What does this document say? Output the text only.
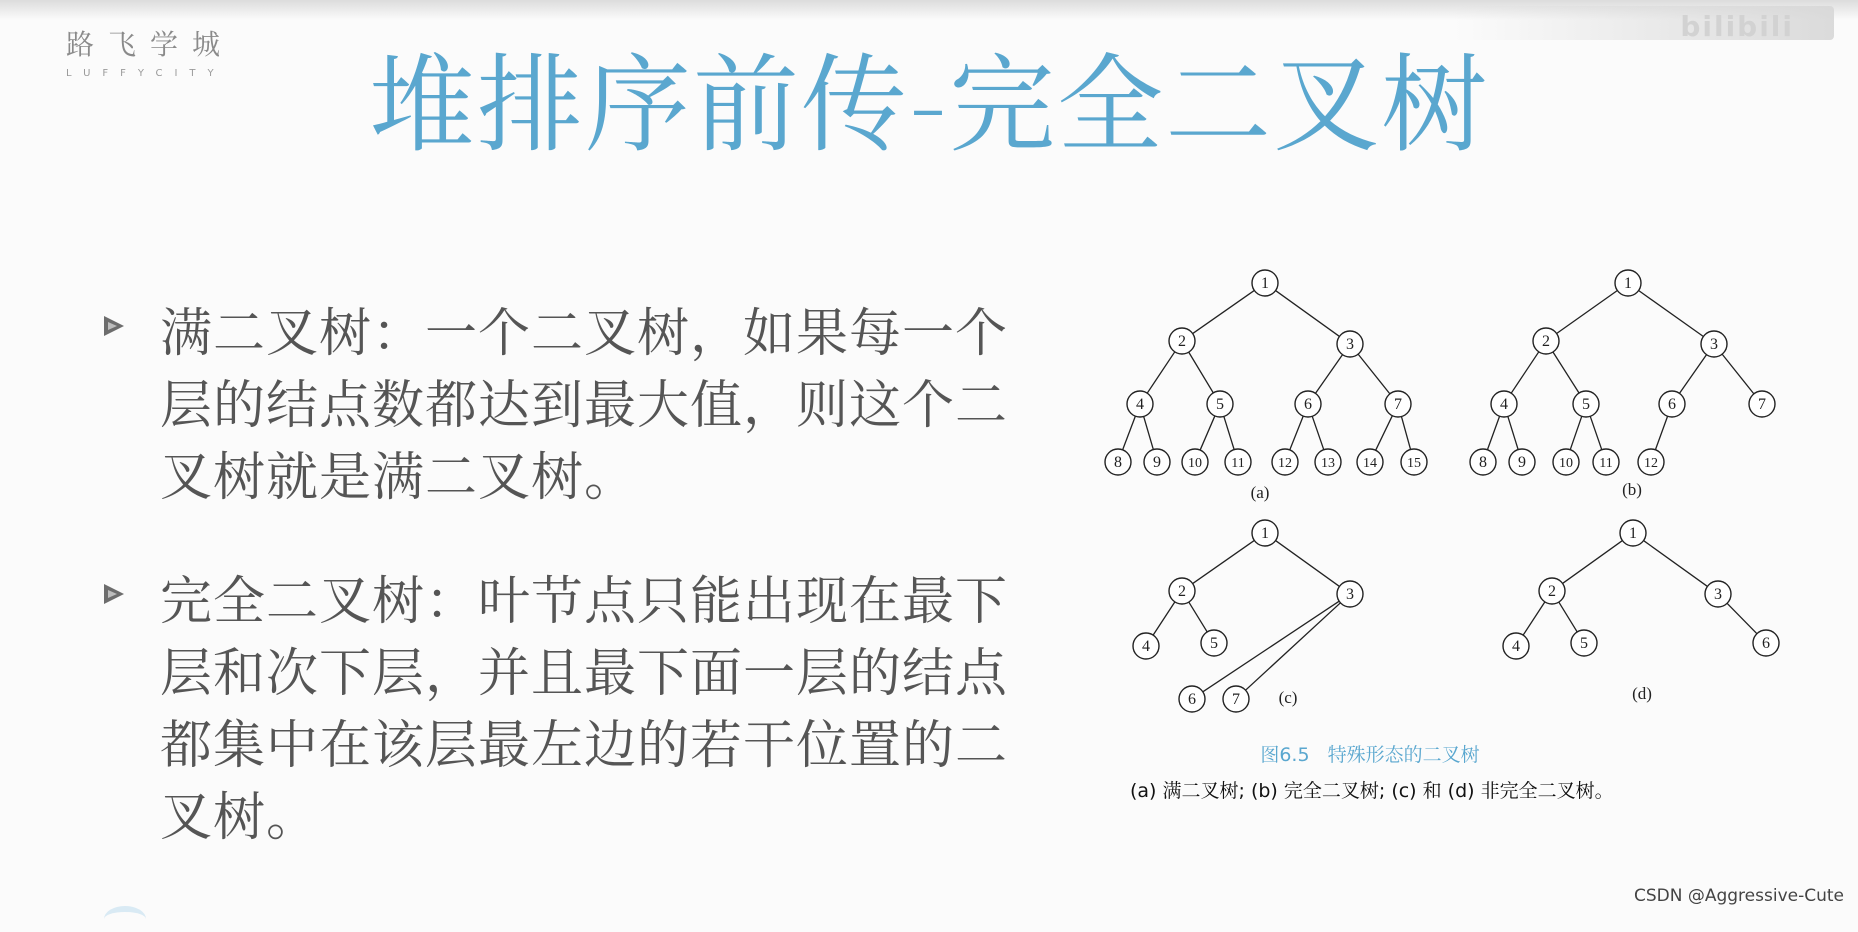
路飞学城
LUFFYCITY
bilibili
堆排序前传-完全二叉树
满二叉树：一个二叉树，如果每一个层的结点数都达到最大值，则这个二叉树就是满二叉树。
完全二叉树：叶节点只能出现在最下层和次下层，并且最下面一层的结点都集中在该层最左边的若干位置的二叉树。
1
2	3
4	5	6	7
8 9 10 11 12 13 14 15
(a)
1
2	3
4	5	6	7
8 9 10 11 12
(b)
1
2	3
4	5
6 7 (c)
1
2	3
4	5	6
(d)
图6.5   特殊形态的二叉树
(a) 满二叉树; (b) 完全二叉树; (c) 和 (d) 非完全二叉树。
CSDN @Aggressive-Cute
